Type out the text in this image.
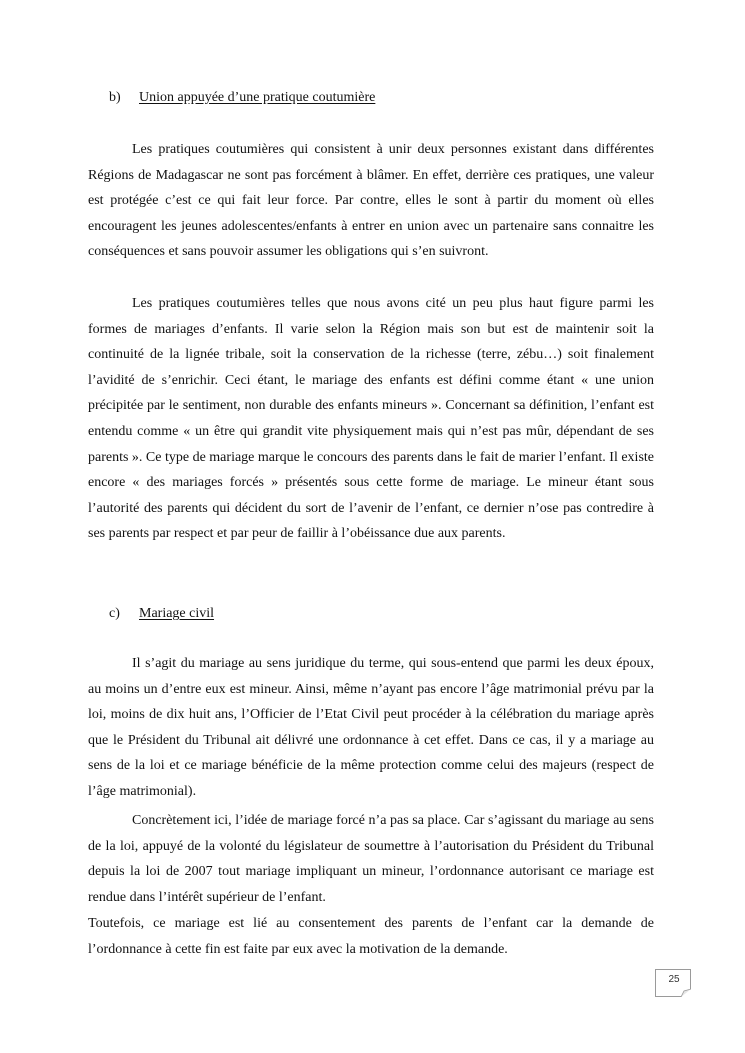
b) Union appuyée d’une pratique coutumière

Les pratiques coutumières qui consistent à unir deux personnes existant dans différentes Régions de Madagascar ne sont pas forcément à blâmer. En effet, derrière ces pratiques, une valeur est protégée c’est ce qui fait leur force. Par contre, elles le sont à partir du moment où elles encouragent les jeunes adolescentes/enfants à entrer en union avec un partenaire sans connaitre les conséquences et sans pouvoir assumer les obligations qui s’en suivront.

Les pratiques coutumières telles que nous avons cité un peu plus haut figure parmi les formes de mariages d’enfants. Il varie selon la Région mais son but est de maintenir soit la continuité de la lignée tribale, soit la conservation de la richesse (terre, zébu…) soit finalement l’avidité de s’enrichir. Ceci étant, le mariage des enfants est défini comme étant « une union précipitée par le sentiment, non durable des enfants mineurs ». Concernant sa définition, l’enfant est entendu comme « un être qui grandit vite physiquement mais qui n’est pas mûr, dépendant de ses parents ». Ce type de mariage marque le concours des parents dans le fait de marier l’enfant. Il existe encore « des mariages forcés » présentés sous cette forme de mariage. Le mineur étant sous l’autorité des parents qui décident du sort de l’avenir de l’enfant, ce dernier n’ose pas contredire à ses parents par respect et par peur de faillir à l’obéissance due aux parents.

c) Mariage civil

Il s’agit du mariage au sens juridique du terme, qui sous-entend que parmi les deux époux, au moins un d’entre eux est mineur. Ainsi, même n’ayant pas encore l’âge matrimonial prévu par la loi, moins de dix huit ans, l’Officier de l’Etat Civil peut procéder à la célébration du mariage après que le Président du Tribunal ait délivré une ordonnance à cet effet. Dans ce cas, il y a mariage au sens de la loi et ce mariage bénéficie de la même protection comme celui des majeurs (respect de l’âge matrimonial).

Concrètement ici, l’idée de mariage forcé n’a pas sa place. Car s’agissant du mariage au sens de la loi, appuyé de la volonté du législateur de soumettre à l’autorisation du Président du Tribunal depuis la loi de 2007 tout mariage impliquant un mineur, l’ordonnance autorisant ce mariage est rendue dans l’intérêt supérieur de l’enfant.

Toutefois, ce mariage est lié au consentement des parents de l’enfant car la demande de l’ordonnance à cette fin est faite par eux avec la motivation de la demande.

25
